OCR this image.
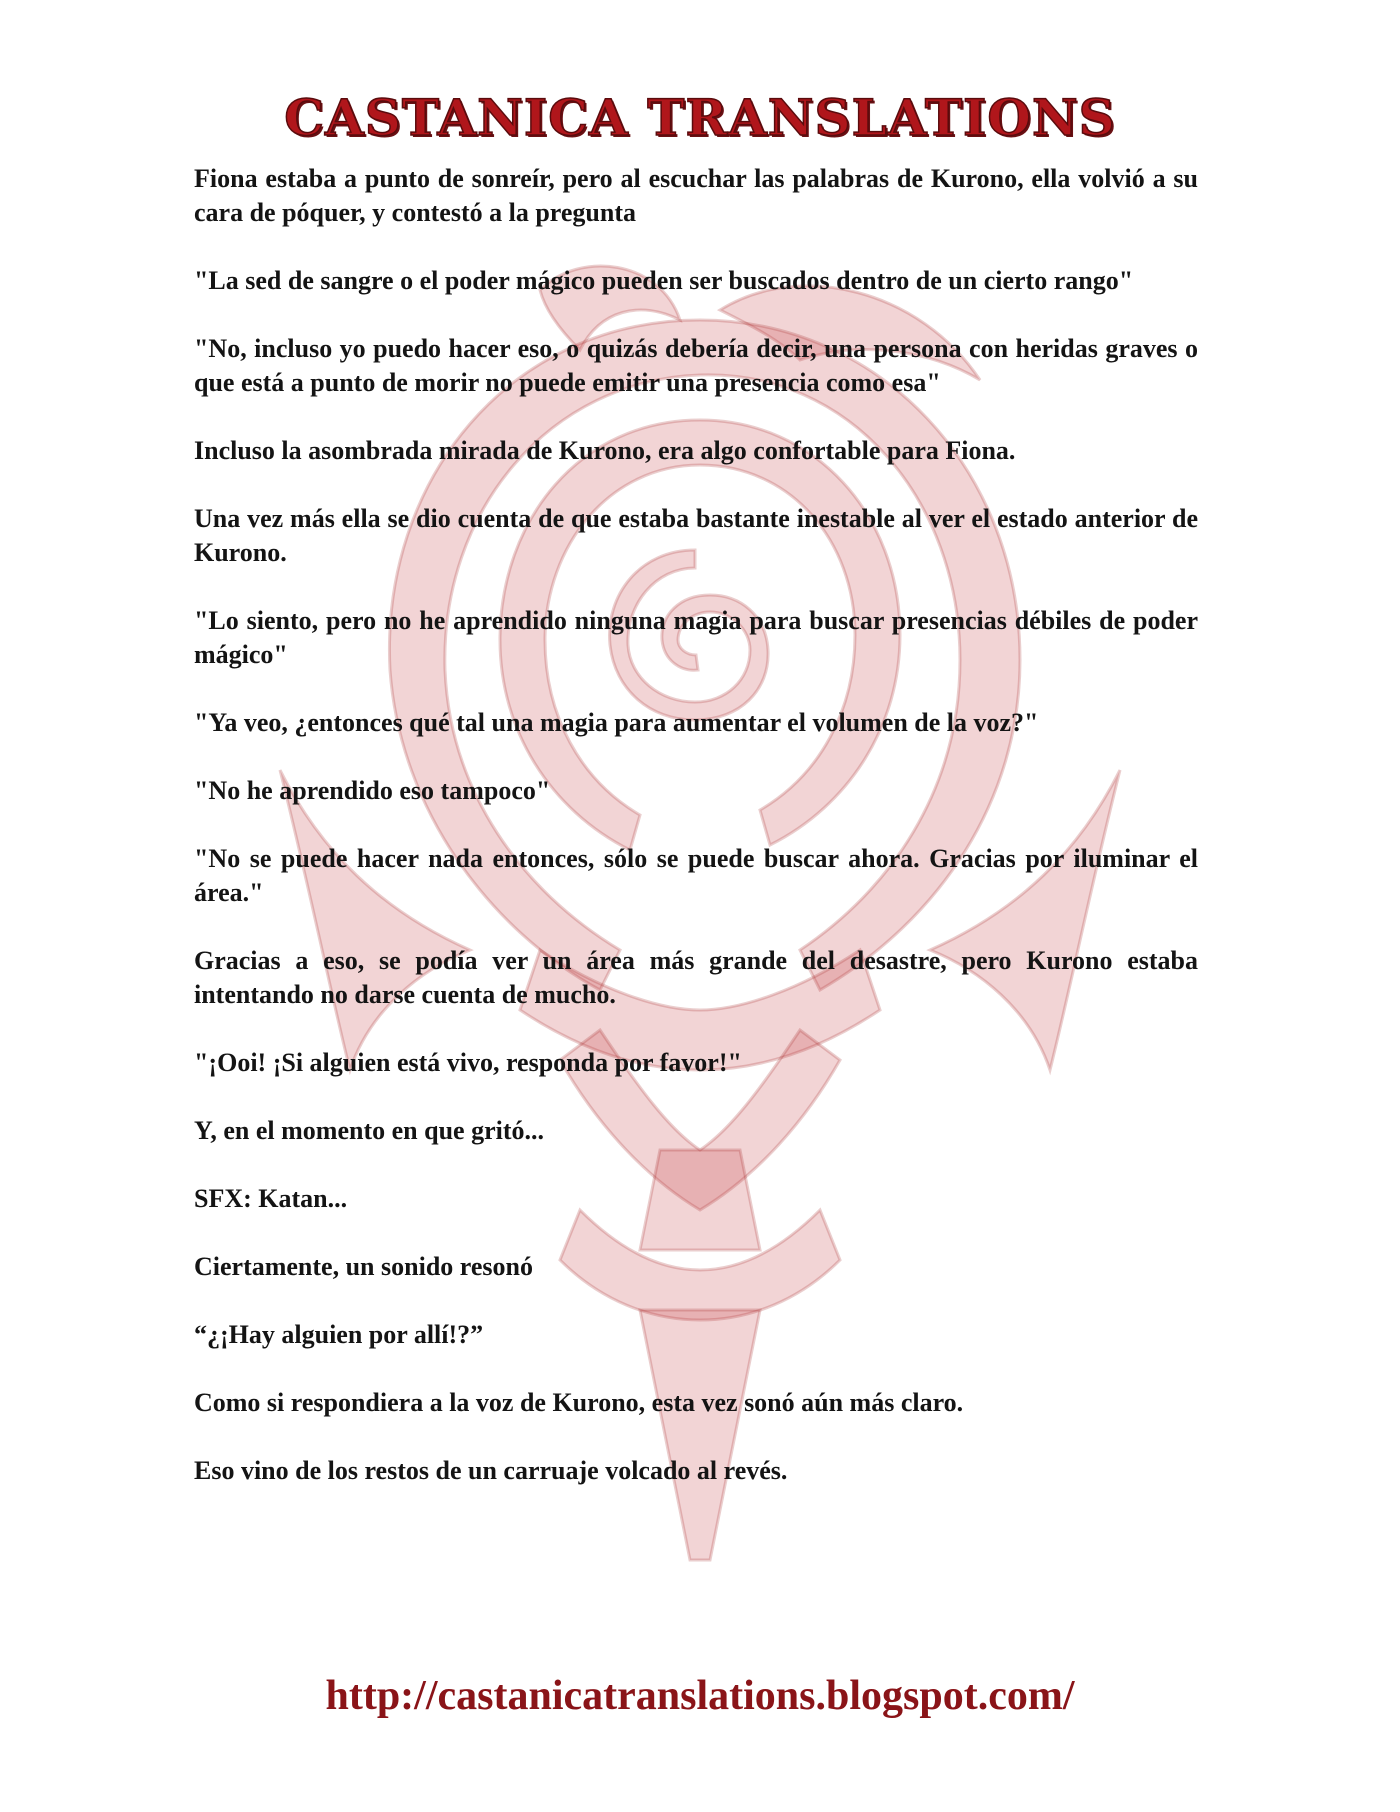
CASTANICA TRANSLATIONS

Fiona estaba a punto de sonreír, pero al escuchar las palabras de Kurono, ella volvió a su cara de póquer, y contestó a la pregunta

"La sed de sangre o el poder mágico pueden ser buscados dentro de un cierto rango"

"No, incluso yo puedo hacer eso, o quizás debería decir, una persona con heridas graves o que está a punto de morir no puede emitir una presencia como esa"

Incluso la asombrada mirada de Kurono, era algo confortable para Fiona.

Una vez más ella se dio cuenta de que estaba bastante inestable al ver el estado anterior de Kurono.

"Lo siento, pero no he aprendido ninguna magia para buscar presencias débiles de poder mágico"

"Ya veo, ¿entonces qué tal una magia para aumentar el volumen de la voz?"

"No he aprendido eso tampoco"

"No se puede hacer nada entonces, sólo se puede buscar ahora. Gracias por iluminar el área."

Gracias a eso, se podía ver un área más grande del desastre, pero Kurono estaba intentando no darse cuenta de mucho.

"¡Ooi! ¡Si alguien está vivo, responda por favor!"

Y, en el momento en que gritó...

SFX: Katan...

Ciertamente, un sonido resonó

“¿¡Hay alguien por allí!?”

Como si respondiera a la voz de Kurono, esta vez sonó aún más claro.

Eso vino de los restos de un carruaje volcado al revés.

http://castanicatranslations.blogspot.com/
